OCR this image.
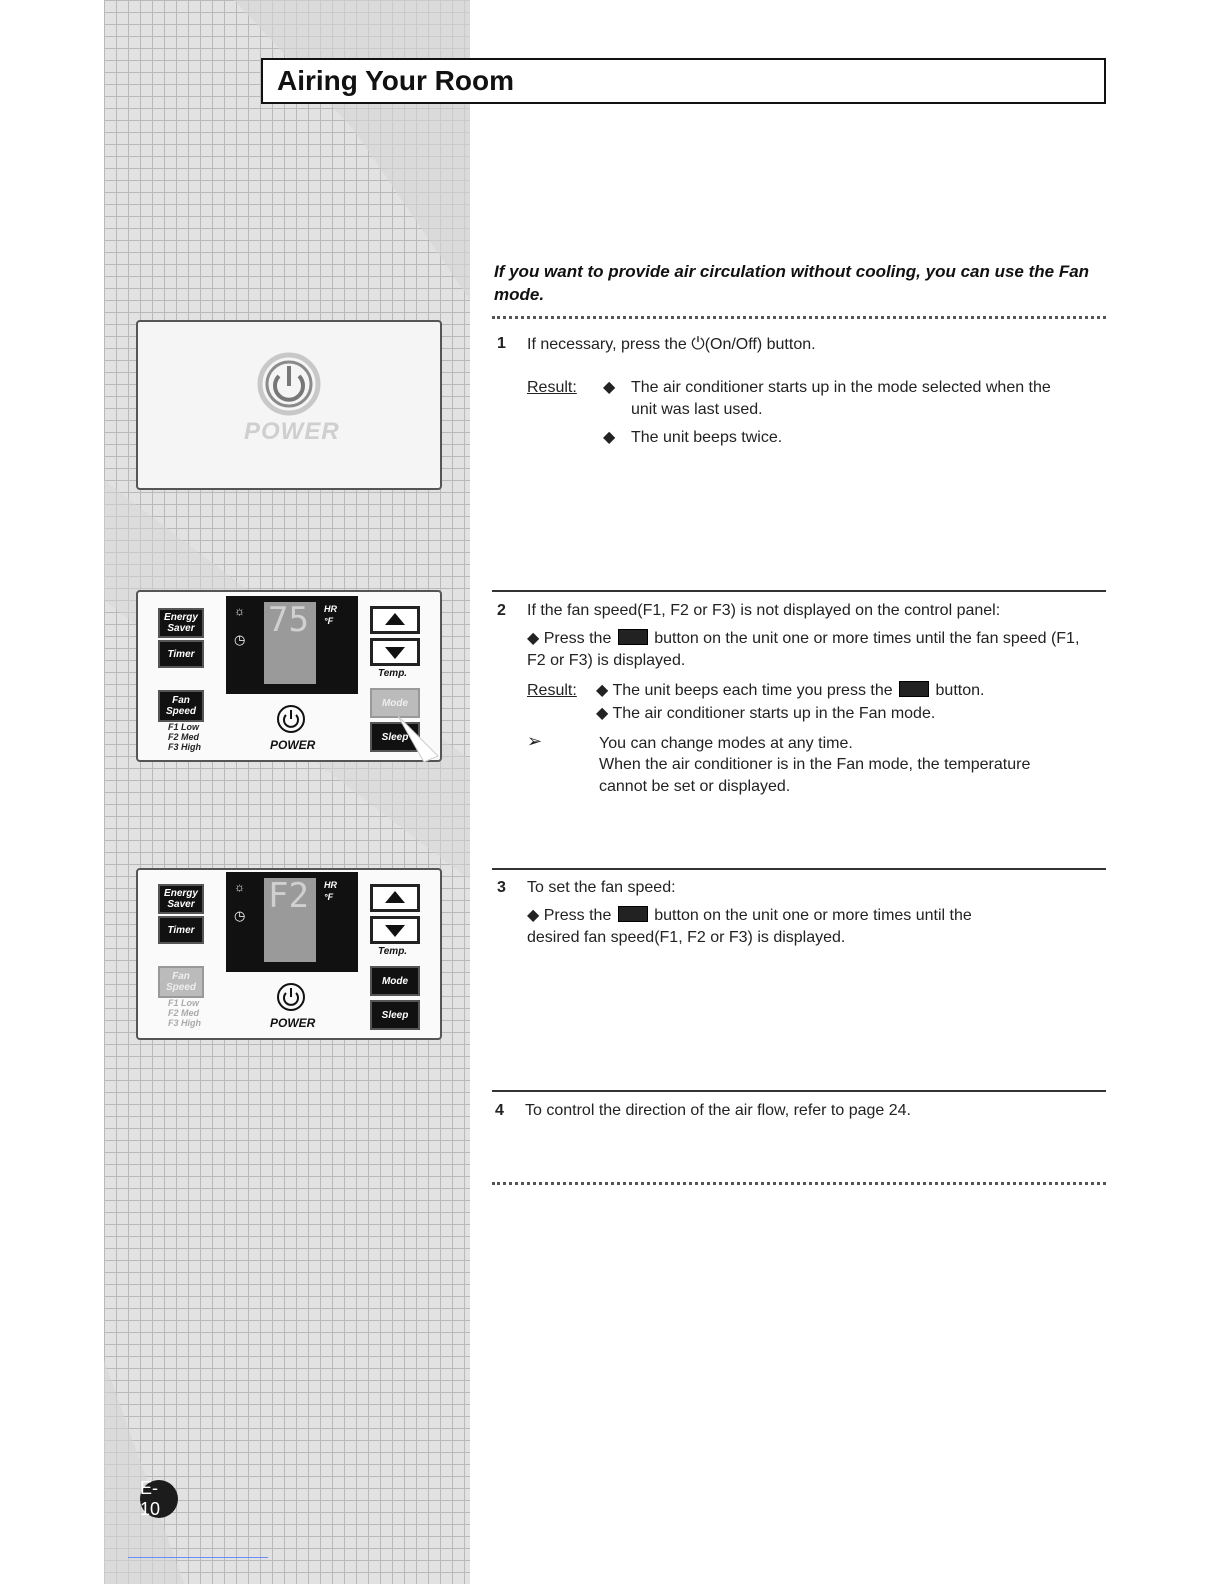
Airing Your Room
POWER
Energy Saver
Timer
Fan Speed
F1 Low
F2 Med
F3 High
☼
◷ 75 HR
°F
Temp.
POWER
Mode
Sleep
Energy Saver
Timer
Fan Speed
F1 Low
F2 Med
F3 High
☼
◷ F2 HR
°F
Temp.
POWER
Mode
Sleep
If you want to provide air circulation without cooling, you can use the Fan mode.
1 If necessary, press the ⏻(On/Off) button.
Result: ◆ The air conditioner starts up in the mode selected when the unit was last used.
◆ The unit beeps twice.
2 If the fan speed(F1, F2 or F3) is not displayed on the control panel:
◆ Press the	button on the unit one or more times until the fan speed (F1, F2 or F3) is displayed.
Result: ◆ The unit beeps each time you press the	button.
◆ The air conditioner starts up in the Fan mode.
➢	You can change modes at any time.
When the air conditioner is in the Fan mode, the temperature cannot be set or displayed.
3 To set the fan speed:
◆ Press the	button on the unit one or more times until the desired fan speed(F1, F2 or F3) is displayed.
4 To control the direction of the air flow, refer to page 24.
E-10
